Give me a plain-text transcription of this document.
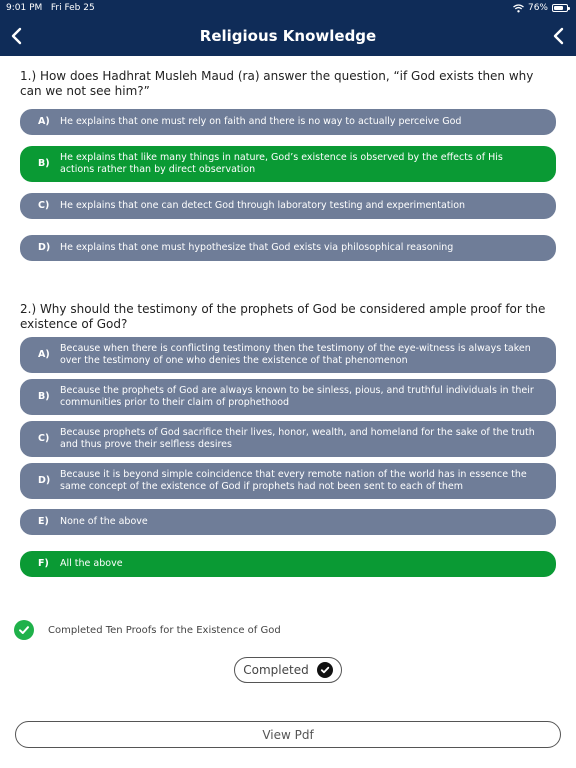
9:01 PM Fri Feb 25	76%
Religious Knowledge
1.) How does Hadhrat Musleh Maud (ra) answer the question, “if God exists then why can we not see him?”
A)	He explains that one must rely on faith and there is no way to actually perceive God
B)
He explains that like many things in nature, God’s existence is observed by the effects of His actions rather than by direct observation
C)	He explains that one can detect God through laboratory testing and experimentation
D)	He explains that one must hypothesize that God exists via philosophical reasoning
2.) Why should the testimony of the prophets of God be considered ample proof for the existence of God?
A)
Because when there is conflicting testimony then the testimony of the eye-witness is always taken over the testimony of one who denies the existence of that phenomenon
B)
Because the prophets of God are always known to be sinless, pious, and truthful individuals in their communities prior to their claim of prophethood
C)
Because prophets of God sacrifice their lives, honor, wealth, and homeland for the sake of the truth and thus prove their selfless desires
D)
Because it is beyond simple coincidence that every remote nation of the world has in essence the same concept of the existence of God if prophets had not been sent to each of them
E)	None of the above
F)	All the above
Completed Ten Proofs for the Existence of God
Completed
View Pdf
